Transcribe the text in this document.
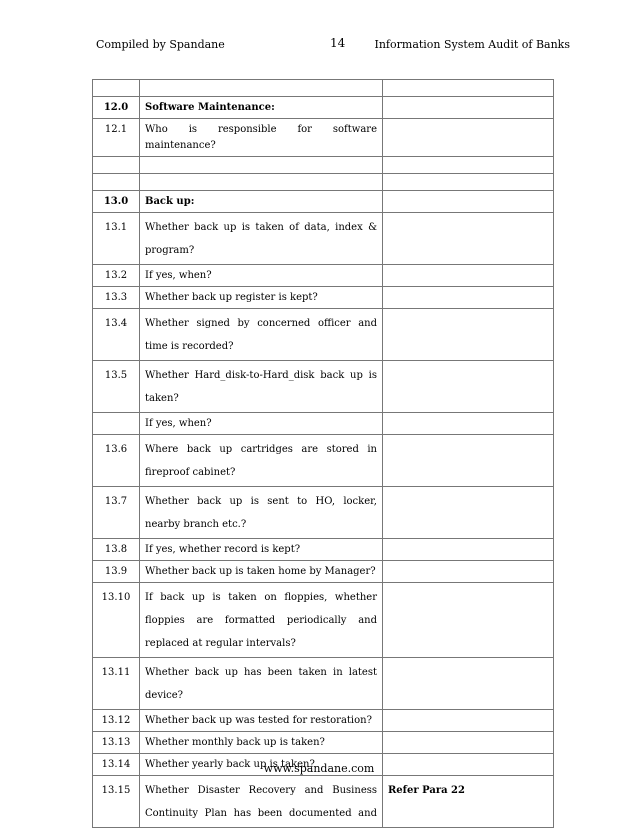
Compiled by Spandane	14	Information System Audit of Banks

12.0	Software Maintenance:	
12.1	Who is responsible for software maintenance?	

13.0	Back up:	
13.1	Whether back up is taken of data, index & program?	
13.2	If yes, when?	
13.3	Whether back up register is kept?	
13.4	Whether signed by concerned officer and time is recorded?	
13.5	Whether Hard_disk-to-Hard_disk back up is taken?	
	If yes, when?	
13.6	Where back up cartridges are stored in fireproof cabinet?	
13.7	Whether back up is sent to HO, locker, nearby branch etc.?	
13.8	If yes, whether record is kept?	
13.9	Whether back up is taken home by Manager?	
13.10	If back up is taken on floppies, whether floppies are formatted periodically and replaced at regular intervals?	
13.11	Whether back up has been taken in latest device?	
13.12	Whether back up was tested for restoration?	
13.13	Whether monthly back up is taken?	
13.14	Whether yearly back up is taken?	
13.15	Whether Disaster Recovery and Business Continuity Plan has been documented and	Refer Para 22
www.spandane.com
